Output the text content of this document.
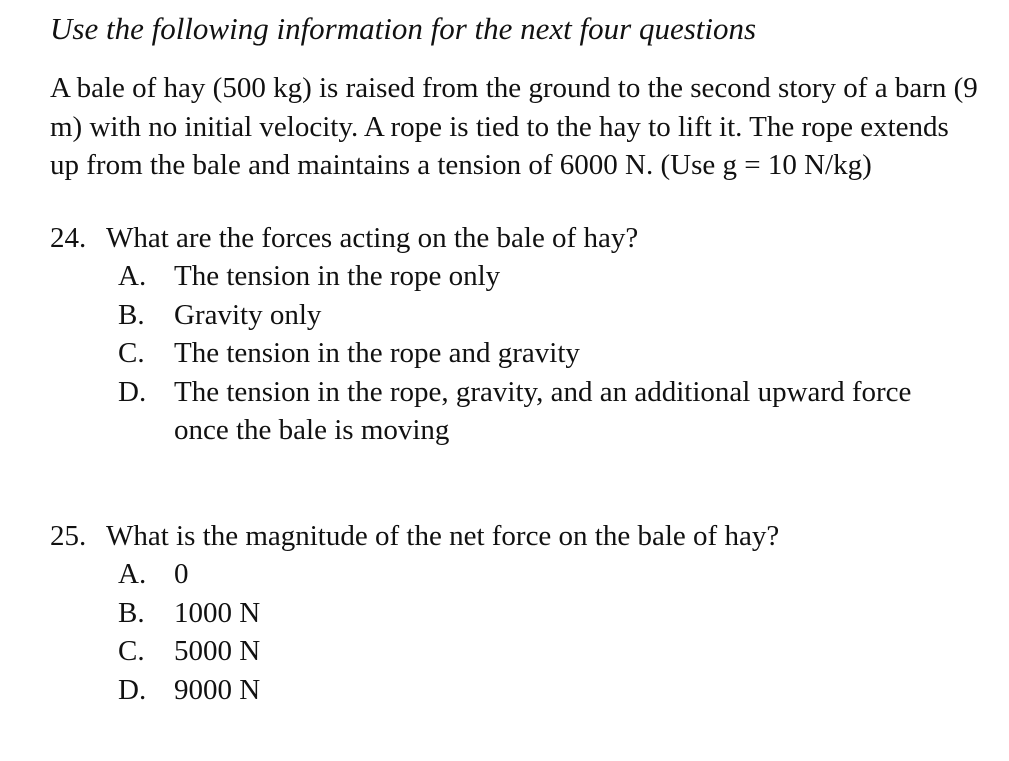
Use the following information for the next four questions

A bale of hay (500 kg) is raised from the ground to the second story of a barn (9 m) with no initial velocity. A rope is tied to the hay to lift it. The rope extends up from the bale and maintains a tension of 6000 N. (Use g = 10 N/kg)

24. What are the forces acting on the bale of hay?
A. The tension in the rope only
B.	Gravity only
C.	The tension in the rope and gravity
D. The tension in the rope, gravity, and an additional upward force once the bale is moving
25. What is the magnitude of the net force on the bale of hay?
A. 0
B.	1000 N
C.	5000 N
D. 9000 N
